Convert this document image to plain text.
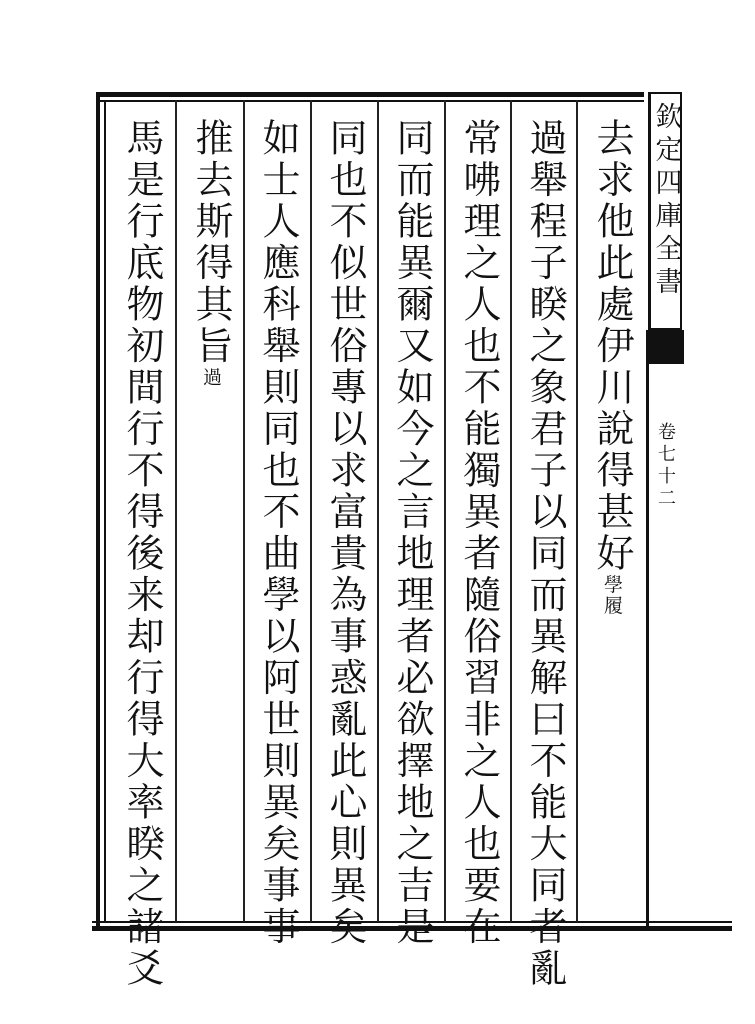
欽定四庫全書
卷七十二
去求他此處伊川說得甚好學履
過舉程子睽之象君子以同而異解曰不能大同者亂
常咈理之人也不能獨異者隨俗習非之人也要在
同而能異爾又如今之言地理者必欲擇地之吉是
同也不似世俗專以求富貴為事惑亂此心則異矣
如士人應科舉則同也不曲學以阿世則異矣事事
推去斯得其旨過
馬是行底物初間行不得後来却行得大率睽之諸爻
